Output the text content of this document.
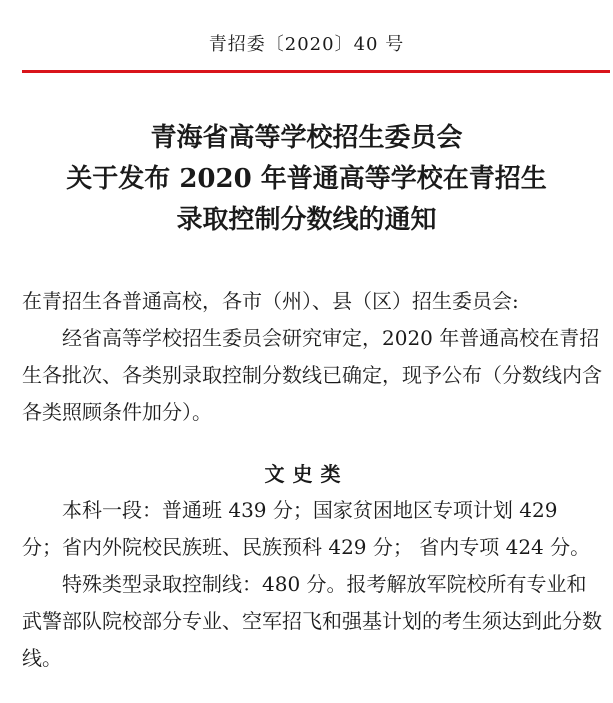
青招委〔2020〕40 号
青海省高等学校招生委员会
关于发布 2020 年普通高等学校在青招生
录取控制分数线的通知
在青招生各普通高校，各市（州）、县（区）招生委员会:
经省高等学校招生委员会研究审定，2020 年普通高校在青招生各批次、各类别录取控制分数线已确定，现予公布（分数线内含各类照顾条件加分）。
文史类
本科一段：普通班 439 分；国家贫困地区专项计划 429 分；省内外院校民族班、民族预科 429 分； 省内专项 424 分。
特殊类型录取控制线：480 分。报考解放军院校所有专业和武警部队院校部分专业、空军招飞和强基计划的考生须达到此分数线。
